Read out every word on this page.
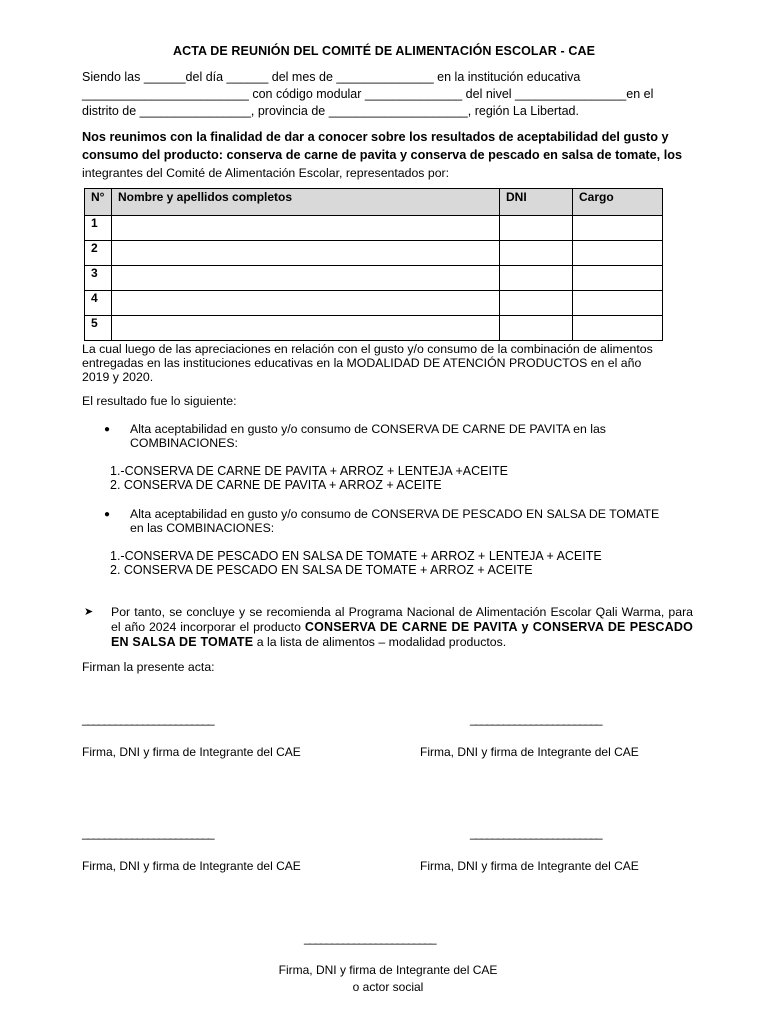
ACTA DE REUNIÓN DEL COMITÉ DE ALIMENTACIÓN ESCOLAR - CAE
Siendo las ______del día ______ del mes de ______________ en la institución educativa
________________________ con código modular ______________ del nivel ________________en el
distrito de ________________, provincia de ____________________, región La Libertad.
Nos reunimos con la finalidad de dar a conocer sobre los resultados de aceptabilidad del gusto y consumo del producto: conserva de carne de pavita y conserva de pescado en salsa de tomate, los integrantes del Comité de Alimentación Escolar, representados por:
N°	Nombre y apellidos completos	DNI	Cargo
1			
2			
3			
4			
5			
La cual luego de las apreciaciones en relación con el gusto y/o consumo de la combinación de alimentos
entregadas en las instituciones educativas en la MODALIDAD DE ATENCIÓN PRODUCTOS en el año
2019 y 2020.
El resultado fue lo siguiente:
● Alta aceptabilidad en gusto y/o consumo de CONSERVA DE CARNE DE PAVITA en las
COMBINACIONES:
1.-CONSERVA DE CARNE DE PAVITA + ARROZ + LENTEJA +ACEITE
2. CONSERVA DE CARNE DE PAVITA + ARROZ + ACEITE
● Alta aceptabilidad en gusto y/o consumo de CONSERVA DE PESCADO EN SALSA DE TOMATE
en las COMBINACIONES:
1.-CONSERVA DE PESCADO EN SALSA DE TOMATE + ARROZ + LENTEJA + ACEITE
2. CONSERVA DE PESCADO EN SALSA DE TOMATE + ARROZ + ACEITE
➤ Por tanto, se concluye y se recomienda al Programa Nacional de Alimentación Escolar Qali Warma, para el año 2024 incorporar el producto CONSERVA DE CARNE DE PAVITA y CONSERVA DE PESCADO EN SALSA DE TOMATE a la lista de alimentos – modalidad productos.
Firman la presente acta:
________________________	________________________
Firma, DNI y firma de Integrante del CAE	Firma, DNI y firma de Integrante del CAE
________________________	________________________
Firma, DNI y firma de Integrante del CAE	Firma, DNI y firma de Integrante del CAE
________________________
Firma, DNI y firma de Integrante del CAE
o actor social
